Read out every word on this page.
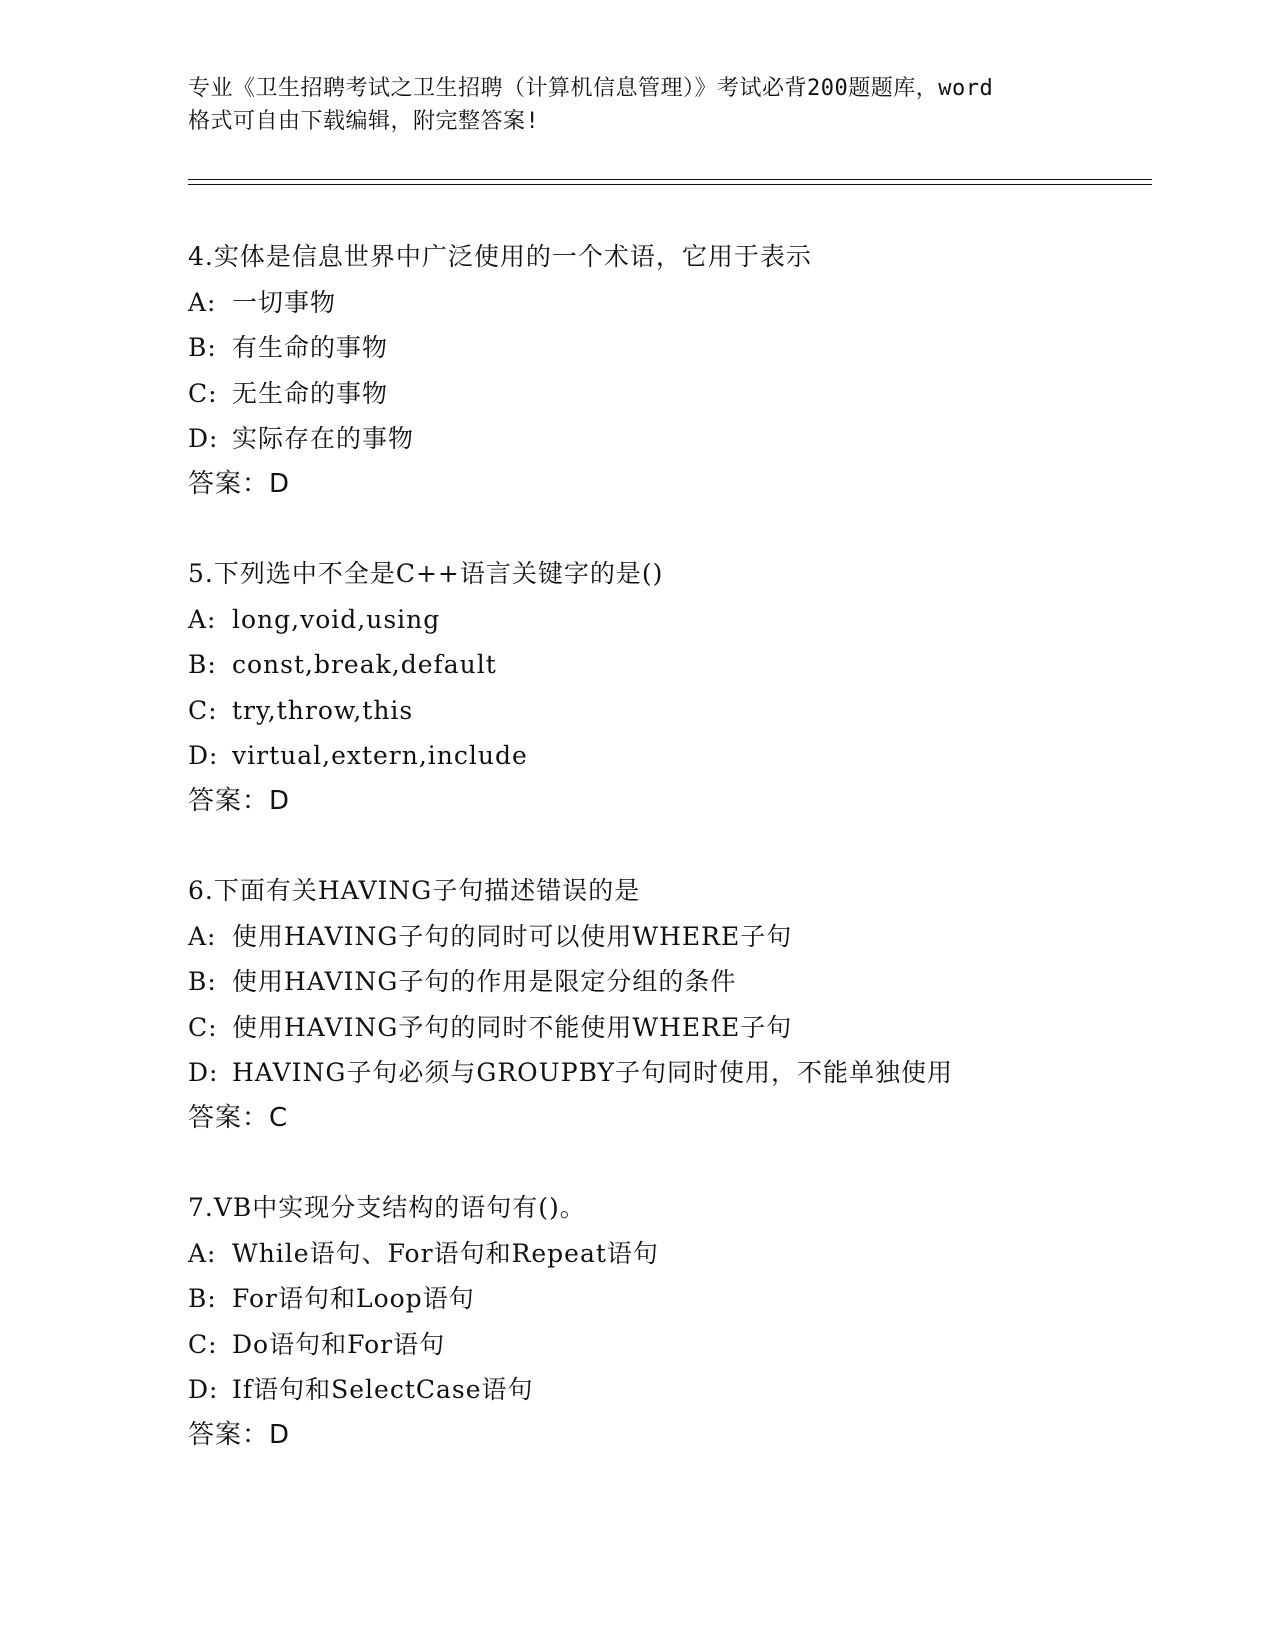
专业《卫生招聘考试之卫生招聘（计算机信息管理）》考试必背200题题库，word
格式可自由下载编辑，附完整答案!
4.实体是信息世界中广泛使用的一个术语，它用于表示
A: 一切事物
B: 有生命的事物
C: 无生命的事物
D: 实际存在的事物
答案：D
5.下列选中不全是C++语言关键字的是()
A: long,void,using
B: const,break,default
C: try,throw,this
D: virtual,extern,include
答案：D
6.下面有关HAVING子句描述错误的是
A: 使用HAVING子句的同时可以使用WHERE子句
B: 使用HAVING子句的作用是限定分组的条件
C: 使用HAVING予句的同时不能使用WHERE子句
D: HAVING子句必须与GROUPBY子句同时使用，不能单独使用
答案：C
7.VB中实现分支结构的语句有()。
A: While语句、For语句和Repeat语句
B: For语句和Loop语句
C: Do语句和For语句
D: If语句和SelectCase语句
答案：D
